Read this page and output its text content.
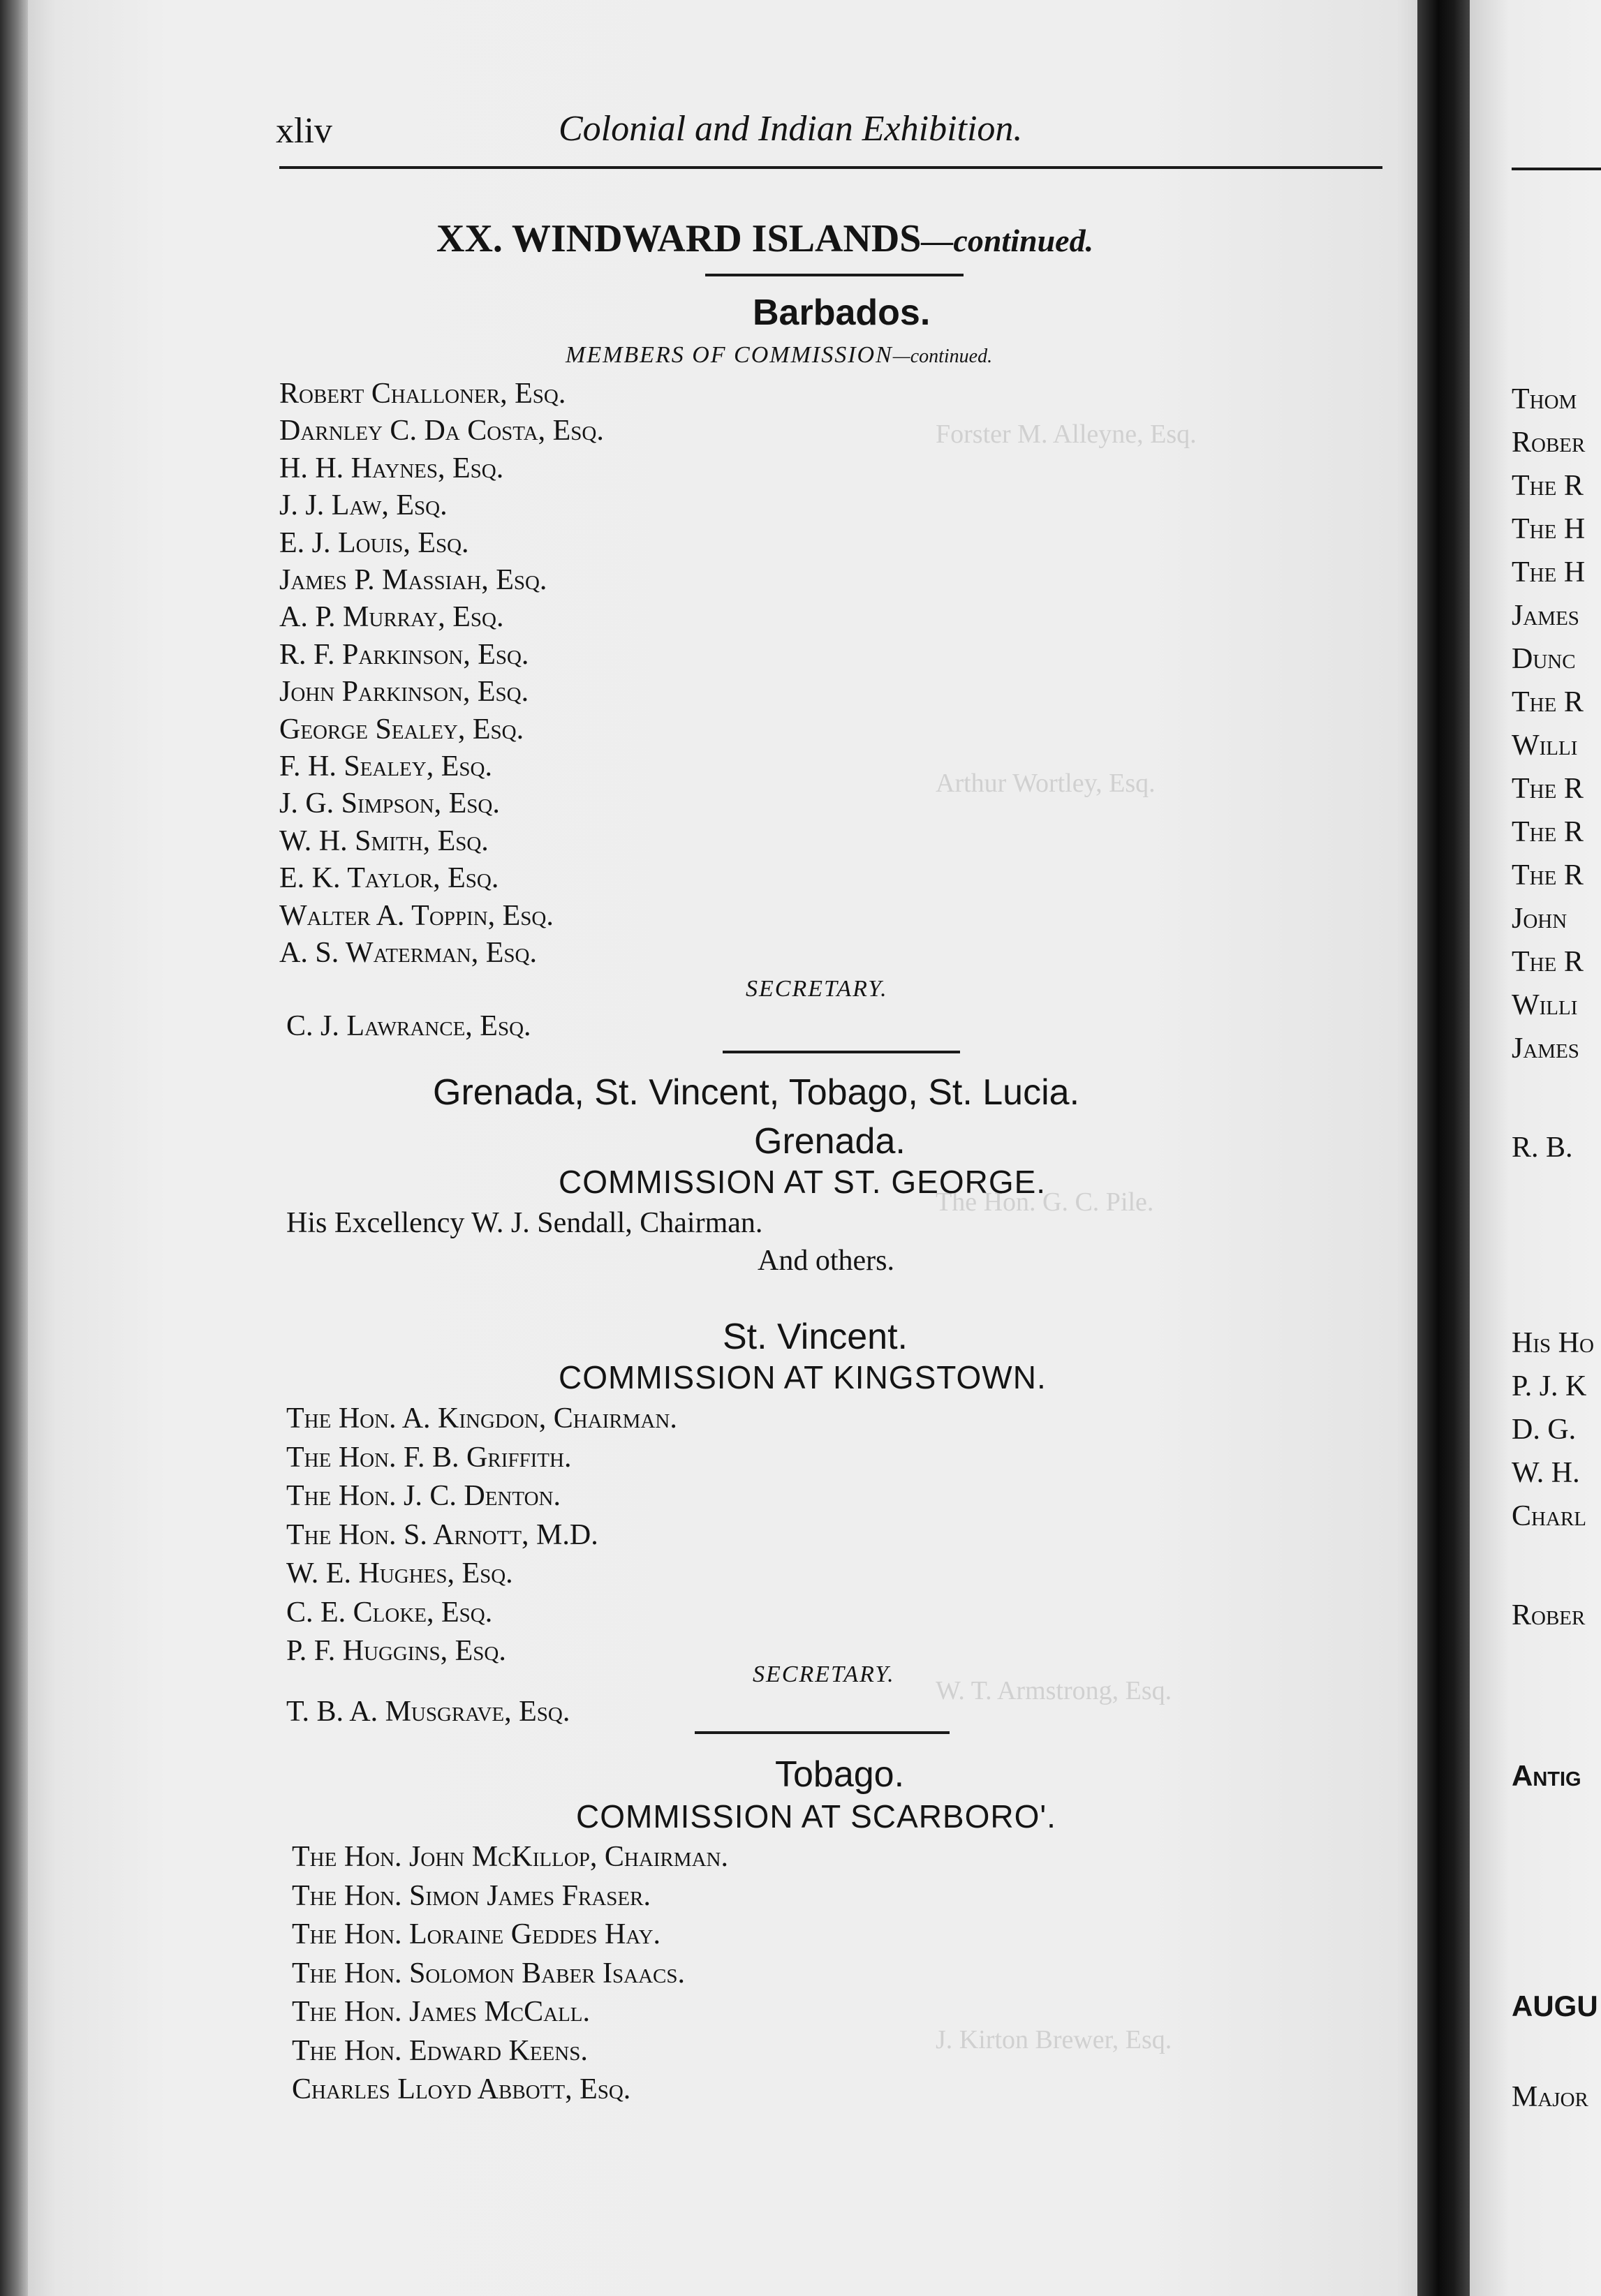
Forster M. Alleyne, Esq.
Arthur Wortley, Esq.
The Hon. G. C. Pile.
W. T. Armstrong, Esq.
J. Kirton Brewer, Esq.
xliv	Colonial and Indian Exhibition.
XX. WINDWARD ISLANDS—continued.
Barbados.
MEMBERS OF COMMISSION—continued.
Robert Challoner, Esq.
Darnley C. Da Costa, Esq.
H. H. Haynes, Esq.
J. J. Law, Esq.
E. J. Louis, Esq.
James P. Massiah, Esq.
A. P. Murray, Esq.
R. F. Parkinson, Esq.
John Parkinson, Esq.
George Sealey, Esq.
F. H. Sealey, Esq.
J. G. Simpson, Esq.
W. H. Smith, Esq.
E. K. Taylor, Esq.
Walter A. Toppin, Esq.
A. S. Waterman, Esq.
SECRETARY.
C. J. Lawrance, Esq.
Grenada, St. Vincent, Tobago, St. Lucia.
Grenada.
COMMISSION AT ST. GEORGE.
His Excellency W. J. Sendall, Chairman.
And others.
St. Vincent.
COMMISSION AT KINGSTOWN.
The Hon. A. Kingdon, Chairman.
The Hon. F. B. Griffith.
The Hon. J. C. Denton.
The Hon. S. Arnott, M.D.
W. E. Hughes, Esq.
C. E. Cloke, Esq.
P. F. Huggins, Esq.
SECRETARY.
T. B. A. Musgrave, Esq.
Tobago.
COMMISSION AT SCARBORO'.
The Hon. John McKillop, Chairman.
The Hon. Simon James Fraser.
The Hon. Loraine Geddes Hay.
The Hon. Solomon Baber Isaacs.
The Hon. James McCall.
The Hon. Edward Keens.
Charles Lloyd Abbott, Esq.
Thom
Rober
The R
The H
The H
James
Dunc
The R
Willi
The R
The R
The R
John
The R
Willi
James
R. B.
His Ho
P. J. K
D. G.
W. H.
Charl
Rober
Antig
AUGU
Major
